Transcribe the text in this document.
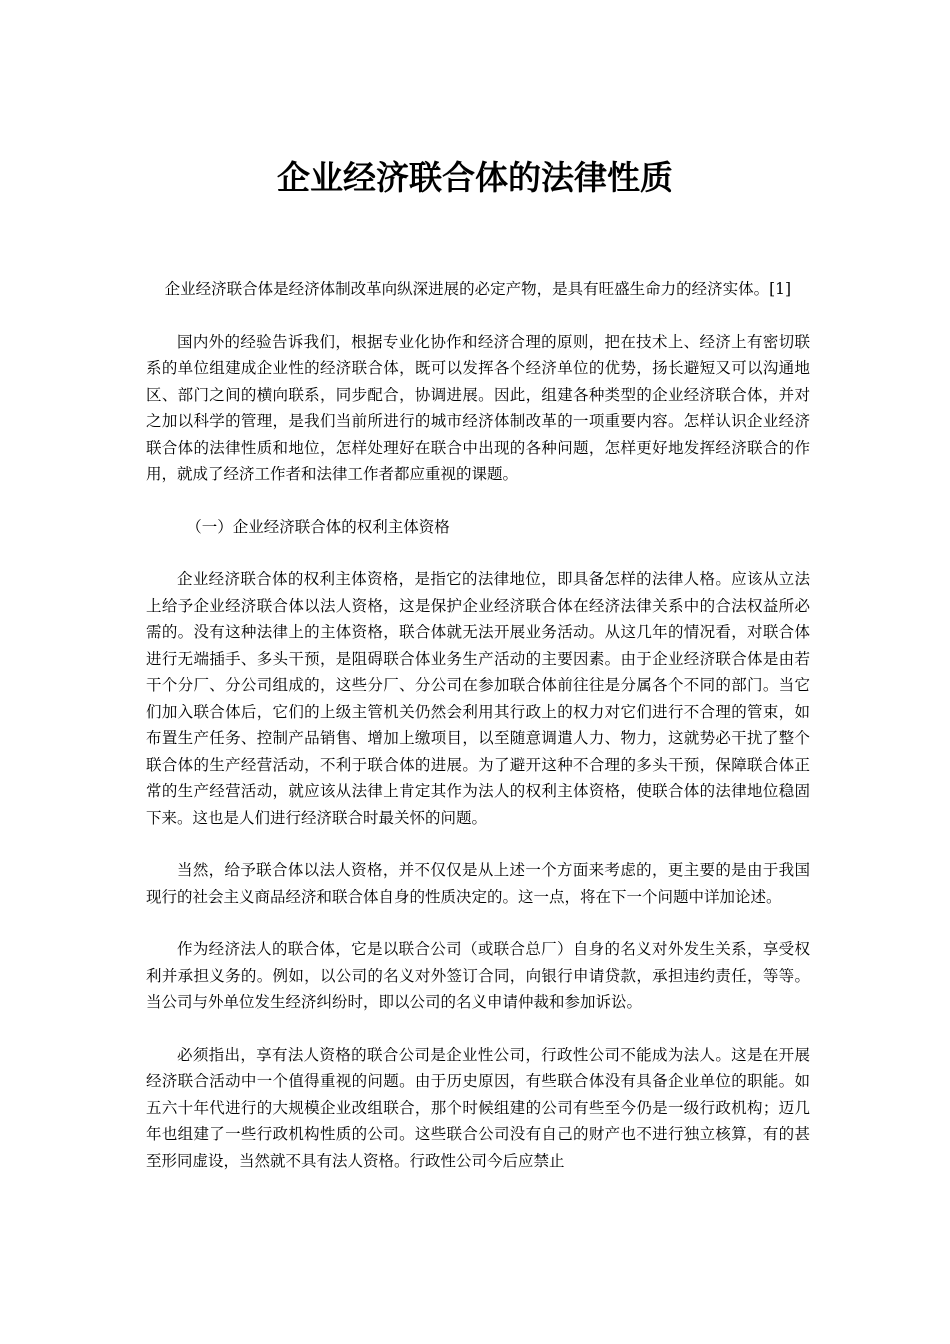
企业经济联合体的法律性质

企业经济联合体是经济体制改革向纵深进展的必定产物，是具有旺盛生命力的经济实体。[1]

国内外的经验告诉我们，根据专业化协作和经济合理的原则，把在技术上、经济上有密切联系的单位组建成企业性的经济联合体，既可以发挥各个经济单位的优势，扬长避短又可以沟通地区、部门之间的横向联系，同步配合，协调进展。因此，组建各种类型的企业经济联合体，并对之加以科学的管理，是我们当前所进行的城市经济体制改革的一项重要内容。怎样认识企业经济联合体的法律性质和地位，怎样处理好在联合中出现的各种问题，怎样更好地发挥经济联合的作用，就成了经济工作者和法律工作者都应重视的课题。

（一）企业经济联合体的权利主体资格

企业经济联合体的权利主体资格，是指它的法律地位，即具备怎样的法律人格。应该从立法上给予企业经济联合体以法人资格，这是保护企业经济联合体在经济法律关系中的合法权益所必需的。没有这种法律上的主体资格，联合体就无法开展业务活动。从这几年的情况看，对联合体进行无端插手、多头干预，是阻碍联合体业务生产活动的主要因素。由于企业经济联合体是由若干个分厂、分公司组成的，这些分厂、分公司在参加联合体前往往是分属各个不同的部门。当它们加入联合体后，它们的上级主管机关仍然会利用其行政上的权力对它们进行不合理的管束，如布置生产任务、控制产品销售、增加上缴项目，以至随意调遣人力、物力，这就势必干扰了整个联合体的生产经营活动，不利于联合体的进展。为了避开这种不合理的多头干预，保障联合体正常的生产经营活动，就应该从法律上肯定其作为法人的权利主体资格，使联合体的法律地位稳固下来。这也是人们进行经济联合时最关怀的问题。

当然，给予联合体以法人资格，并不仅仅是从上述一个方面来考虑的，更主要的是由于我国现行的社会主义商品经济和联合体自身的性质决定的。这一点，将在下一个问题中详加论述。

作为经济法人的联合体，它是以联合公司（或联合总厂）自身的名义对外发生关系，享受权利并承担义务的。例如，以公司的名义对外签订合同，向银行申请贷款，承担违约责任，等等。当公司与外单位发生经济纠纷时，即以公司的名义申请仲裁和参加诉讼。

必须指出，享有法人资格的联合公司是企业性公司，行政性公司不能成为法人。这是在开展经济联合活动中一个值得重视的问题。由于历史原因，有些联合体没有具备企业单位的职能。如五六十年代进行的大规模企业改组联合，那个时候组建的公司有些至今仍是一级行政机构；迈几年也组建了一些行政机构性质的公司。这些联合公司没有自己的财产也不进行独立核算，有的甚至形同虚设，当然就不具有法人资格。行政性公司今后应禁止
